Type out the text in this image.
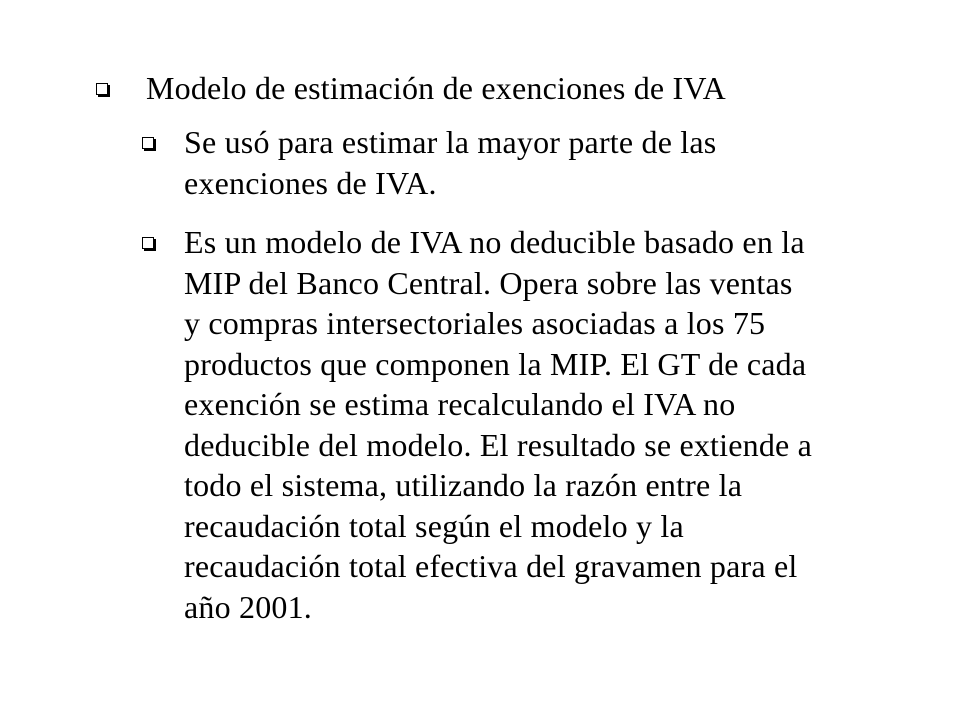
Modelo de estimación de exenciones de IVA
Se usó para estimar la mayor parte de las
exenciones de IVA.
Es un modelo de IVA no deducible basado en la
MIP del Banco Central. Opera sobre las ventas
y compras intersectoriales asociadas a los 75
productos que componen la MIP. El GT de cada
exención se estima recalculando el IVA no
deducible del modelo. El resultado se extiende a
todo el sistema, utilizando la razón entre la
recaudación total según el modelo y la
recaudación total efectiva del gravamen para el
año 2001.
